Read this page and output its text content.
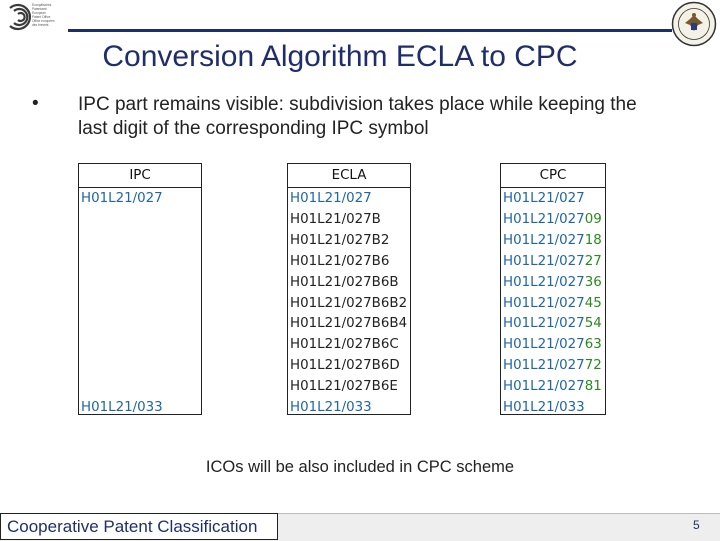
Europäisches
Patentamt
European
Patent Office
Office européen
des brevets
Conversion Algorithm ECLA to CPC
• IPC part remains visible: subdivision takes place while keeping the last digit of the corresponding IPC symbol
IPC
H01L21/027
H01L21/033
ECLA
H01L21/027
H01L21/027B
H01L21/027B2
H01L21/027B6
H01L21/027B6B
H01L21/027B6B2
H01L21/027B6B4
H01L21/027B6C
H01L21/027B6D
H01L21/027B6E
H01L21/033
CPC
H01L21/027
H01L21/02709
H01L21/02718
H01L21/02727
H01L21/02736
H01L21/02745
H01L21/02754
H01L21/02763
H01L21/02772
H01L21/02781
H01L21/033
ICOs will be also included in CPC scheme
Cooperative Patent Classification	5
